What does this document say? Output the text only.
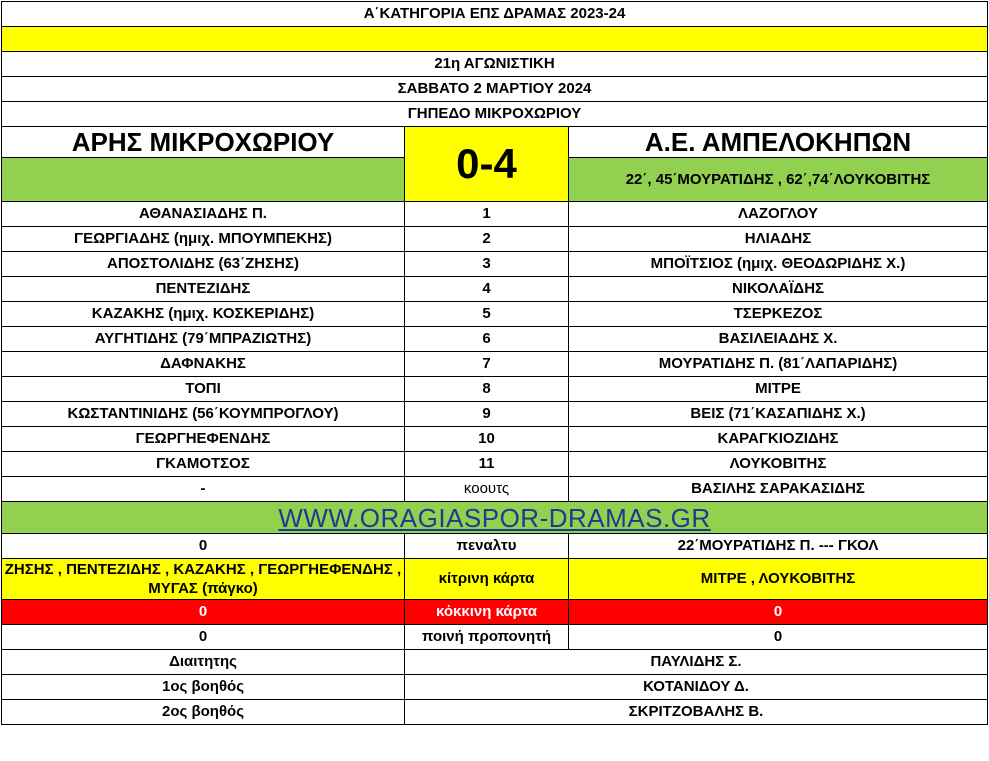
Α΄ΚΑΤΗΓΟΡΙΑ ΕΠΣ ΔΡΑΜΑΣ 2023-24		

21η ΑΓΩΝΙΣΤΙΚΗ		
ΣΑΒΒΑΤΟ 2 ΜΑΡΤΙΟΥ 2024		
ΓΗΠΕΔΟ ΜΙΚΡΟΧΩΡΙΟΥ		
ΑΡΗΣ ΜΙΚΡΟΧΩΡΙΟΥ	0-4	Α.Ε. ΑΜΠΕΛΟΚΗΠΩΝ
		22΄, 45΄ΜΟΥΡΑΤΙΔΗΣ , 62΄,74΄ΛΟΥΚΟΒΙΤΗΣ
ΑΘΑΝΑΣΙΑΔΗΣ Π.	1	ΛΑΖΟΓΛΟΥ
ΓΕΩΡΓΙΑΔΗΣ (ημιχ. ΜΠΟΥΜΠΕΚΗΣ)	2	ΗΛΙΑΔΗΣ
ΑΠΟΣΤΟΛΙΔΗΣ (63΄ΖΗΣΗΣ)	3	ΜΠΟΪΤΣΙΟΣ (ημιχ. ΘΕΟΔΩΡΙΔΗΣ Χ.)
ΠΕΝΤΕΖΙΔΗΣ	4	ΝΙΚΟΛΑΪΔΗΣ
ΚΑΖΑΚΗΣ (ημιχ. ΚΟΣΚΕΡΙΔΗΣ)	5	ΤΣΕΡΚΕΖΟΣ
ΑΥΓΗΤΙΔΗΣ (79΄ΜΠΡΑΖΙΩΤΗΣ)	6	ΒΑΣΙΛΕΙΑΔΗΣ Χ.
ΔΑΦΝΑΚΗΣ	7	ΜΟΥΡΑΤΙΔΗΣ Π. (81΄ΛΑΠΑΡΙΔΗΣ)
ΤΟΠΙ	8	ΜΙΤΡΕ
ΚΩΣΤΑΝΤΙΝΙΔΗΣ (56΄ΚΟΥΜΠΡΟΓΛΟΥ)	9	ΒΕΙΣ (71΄ΚΑΣΑΠΙΔΗΣ Χ.)
ΓΕΩΡΓΗΕΦΕΝΔΗΣ	10	ΚΑΡΑΓΚΙΟΖΙΔΗΣ
ΓΚΑΜΟΤΣΟΣ	11	ΛΟΥΚΟΒΙΤΗΣ
-	κοουτς	ΒΑΣΙΛΗΣ ΣΑΡΑΚΑΣΙΔΗΣ
WWW.ORAGIASPOR-DRAMAS.GR		
0	πεναλτυ	22΄ΜΟΥΡΑΤΙΔΗΣ Π. --- ΓΚΟΛ
ΖΗΣΗΣ , ΠΕΝΤΕΖΙΔΗΣ , ΚΑΖΑΚΗΣ , ΓΕΩΡΓΗΕΦΕΝΔΗΣ , ΜΥΓΑΣ (πάγκο)	κίτρινη κάρτα	ΜΙΤΡΕ , ΛΟΥΚΟΒΙΤΗΣ
0	κόκκινη κάρτα	0
0	ποινή προπονητή	0
Διαιτητης	ΠΑΥΛΙΔΗΣ Σ.	
1ος βοηθός	ΚΟΤΑΝΙΔΟΥ Δ.	
2ος βοηθός	ΣΚΡΙΤΖΟΒΑΛΗΣ Β.	
